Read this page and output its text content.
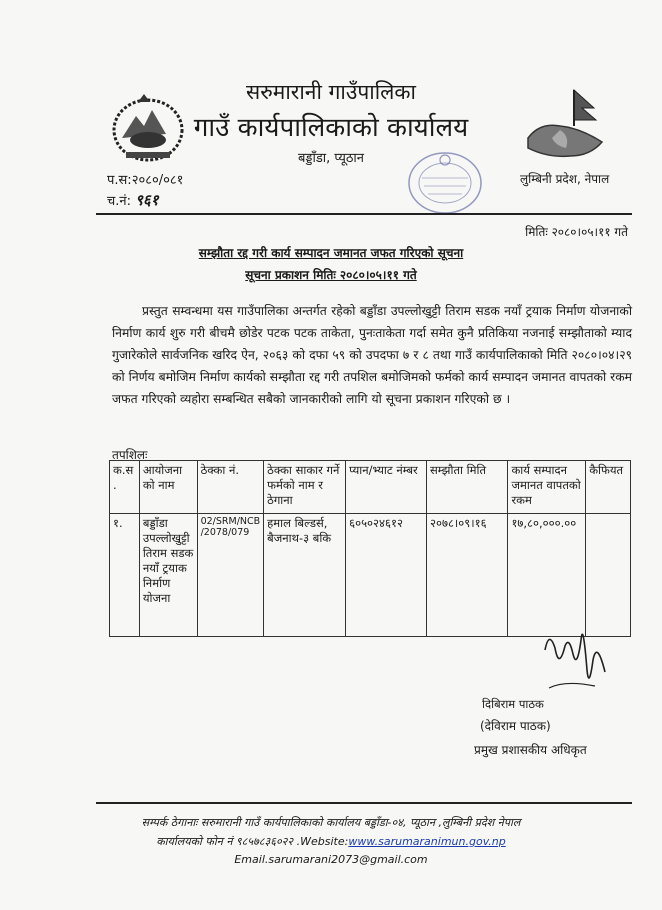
सरुमारानी गाउँपालिका
गाउँ कार्यपालिकाको कार्यालय
बड्डाँडा, प्यूठान
प.स:२०८०/०८१
च.नं: ९६१
लुम्बिनी प्रदेश, नेपाल
मितिः २०८०।०५।११ गते
सम्झौता रद्द गरी कार्य सम्पादन जमानत जफत गरिएको सूचना
सूचना प्रकाशन मितिः २०८०।०५।११ गते
प्रस्तुत सम्वन्धमा यस गाउँपालिका अन्तर्गत रहेको बड्डाँडा उपल्लोखुट्टी तिराम सडक नयाँ ट्रयाक निर्माण योजनाको निर्माण कार्य शुरु गरी बीचमै छोडेर पटक पटक ताकेता, पुनःताकेता गर्दा समेत कुनै प्रतिकिया नजनाई सम्झौताको म्याद गुजारेकोले सार्वजनिक खरिद ऐन, २०६३ को दफा ५९ को उपदफा ७ र ८ तथा गाउँ कार्यपालिकाको मिति २०८०।०४।२९ को निर्णय बमोजिम निर्माण कार्यको सम्झौता रद्द गरी तपशिल बमोजिमको फर्मको कार्य सम्पादन जमानत वापतको रकम जफत गरिएको व्यहोरा सम्बन्धित सबैको जानकारीको लागि यो सूचना प्रकाशन गरिएको छ ।
तपशिलः
क.स .	आयोजना को नाम	ठेक्का नं.	ठेक्का साकार गर्ने फर्मको नाम र ठेगाना	प्यान/भ्याट नंम्बर	सम्झौता मिति	कार्य सम्पादन जमानत वापतको रकम	कैफियत
१.	बड्डाँडा उपल्लोखुट्टी तिराम सडक नयाँ ट्रयाक निर्माण योजना	02/SRM/NCB /2078/079	हमाल बिल्डर्स, बैजनाथ-३ बकि	६०५०२४६१२	२०७८।०९।१६	१७,८०,०००.००	
दिबिराम पाठक
(देविराम पाठक)
प्रमुख प्रशासकीय अधिकृत
सम्पर्क ठेगानाः सरुमारानी गाउँ कार्यपालिकाको कार्यालय बड्डाँडा-०४, प्यूठान ,लुम्बिनी प्रदेश नेपाल
कार्यालयको फोन नं ९८५७८३६०२२ .Website:www.sarumaranimun.gov.np
Email.sarumarani2073@gmail.com
